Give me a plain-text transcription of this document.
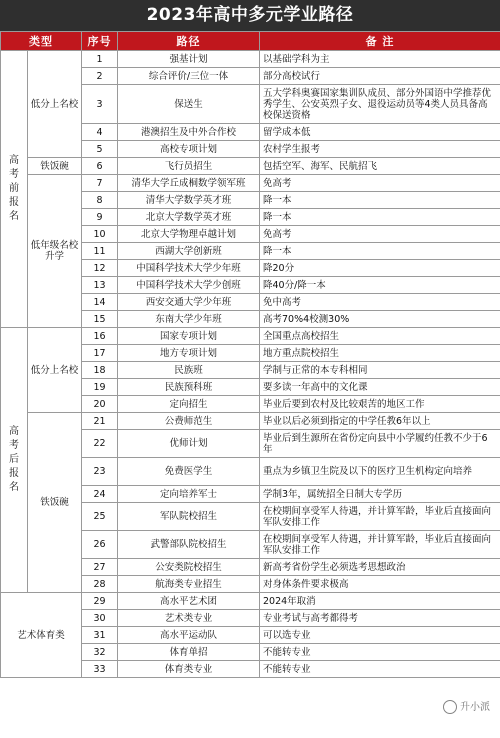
2023年高中多元学业路径
类型		序号	路径	备 注
高考前报名	低分上名校	1	强基计划	以基础学科为主
		2	综合评价/三位一体	部分高校试行
		3	保送生	五大学科奥赛国家集训队成员、部分外国语中学推荐优秀学生、公安英烈子女、退役运动员等4类人员具备高校保送资格
		4	港澳招生及中外合作校	留学成本低
		5	高校专项计划	农村学生报考
	铁饭碗	6	飞行员招生	包括空军、海军、民航招飞
	低年级名校升学	7	清华大学丘成桐数学领军班	免高考
		8	清华大学数学英才班	降一本
		9	北京大学数学英才班	降一本
		10	北京大学物理卓越计划	免高考
		11	西湖大学创新班	降一本
		12	中国科学技术大学少年班	降20分
		13	中国科学技术大学少创班	降40分/降一本
		14	西安交通大学少年班	免中高考
		15	东南大学少年班	高考70%4校测30%
高考后报名	低分上名校	16	国家专项计划	全国重点高校招生
		17	地方专项计划	地方重点院校招生
		18	民族班	学制与正常的本专科相同
		19	民族预科班	要多读一年高中的文化课
		20	定向招生	毕业后要到农村及比较艰苦的地区工作
	铁饭碗	21	公费师范生	毕业以后必须到指定的中学任教6年以上
		22	优师计划	毕业后到生源所在省份定向县中小学履约任教不少于6年
		23	免费医学生	重点为乡镇卫生院及以下的医疗卫生机构定向培养
		24	定向培养军士	学制3年，属统招全日制大专学历
		25	军队院校招生	在校期间享受军人待遇，并计算军龄，毕业后直接面向军队安排工作
		26	武警部队院校招生	在校期间享受军人待遇，并计算军龄，毕业后直接面向军队安排工作
		27	公安类院校招生	新高考省份学生必须选考思想政治
		28	航海类专业招生	对身体条件要求极高
艺术体育类		29	高水平艺术团	2024年取消
		30	艺术类专业	专业考试与高考都得考
		31	高水平运动队	可以选专业
		32	体育单招	不能转专业
		33	体育类专业	不能转专业
升小派
